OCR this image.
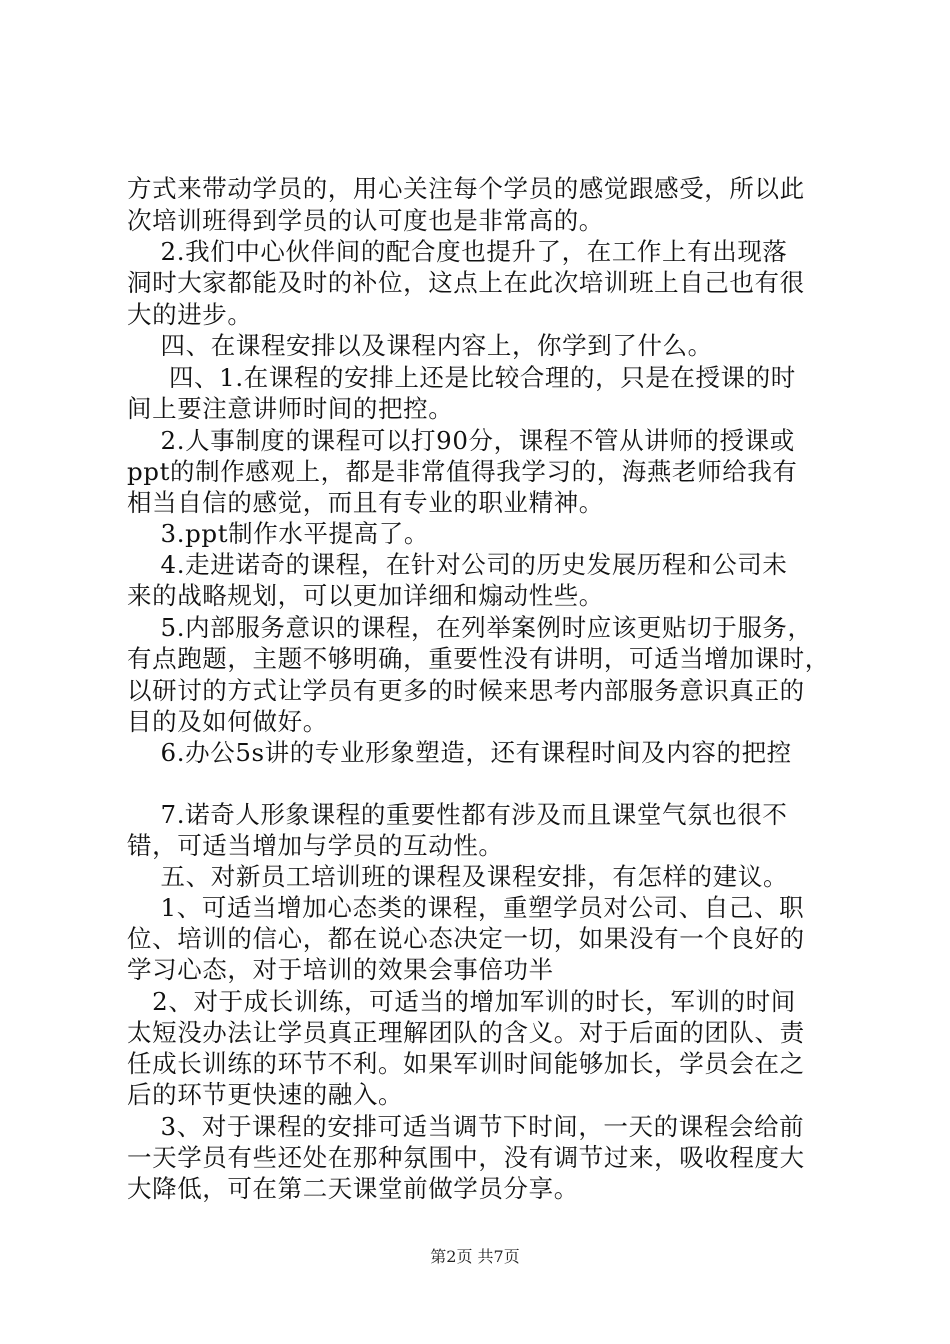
方式来带动学员的，用心关注每个学员的感觉跟感受，所以此
次培训班得到学员的认可度也是非常高的。
2.我们中心伙伴间的配合度也提升了，在工作上有出现落
洞时大家都能及时的补位，这点上在此次培训班上自己也有很
大的进步。
四、在课程安排以及课程内容上，你学到了什么。
四、1.在课程的安排上还是比较合理的，只是在授课的时
间上要注意讲师时间的把控。
2.人事制度的课程可以打90分，课程不管从讲师的授课或
ppt的制作感观上，都是非常值得我学习的，海燕老师给我有
相当自信的感觉，而且有专业的职业精神。
3.ppt制作水平提高了。
4.走进诺奇的课程，在针对公司的历史发展历程和公司未
来的战略规划，可以更加详细和煽动性些。
5.内部服务意识的课程，在列举案例时应该更贴切于服务，
有点跑题，主题不够明确，重要性没有讲明，可适当增加课时，
以研讨的方式让学员有更多的时候来思考内部服务意识真正的
目的及如何做好。
6.办公5s讲的专业形象塑造，还有课程时间及内容的把控
7.诺奇人形象课程的重要性都有涉及而且课堂气氛也很不
错，可适当增加与学员的互动性。
五、对新员工培训班的课程及课程安排，有怎样的建议。
1、可适当增加心态类的课程，重塑学员对公司、自己、职
位、培训的信心，都在说心态决定一切，如果没有一个良好的
学习心态，对于培训的效果会事倍功半
2、对于成长训练，可适当的增加军训的时长，军训的时间
太短没办法让学员真正理解团队的含义。对于后面的团队、责
任成长训练的环节不利。如果军训时间能够加长，学员会在之
后的环节更快速的融入。
3、对于课程的安排可适当调节下时间，一天的课程会给前
一天学员有些还处在那种氛围中，没有调节过来，吸收程度大
大降低，可在第二天课堂前做学员分享。
第2页 共7页
